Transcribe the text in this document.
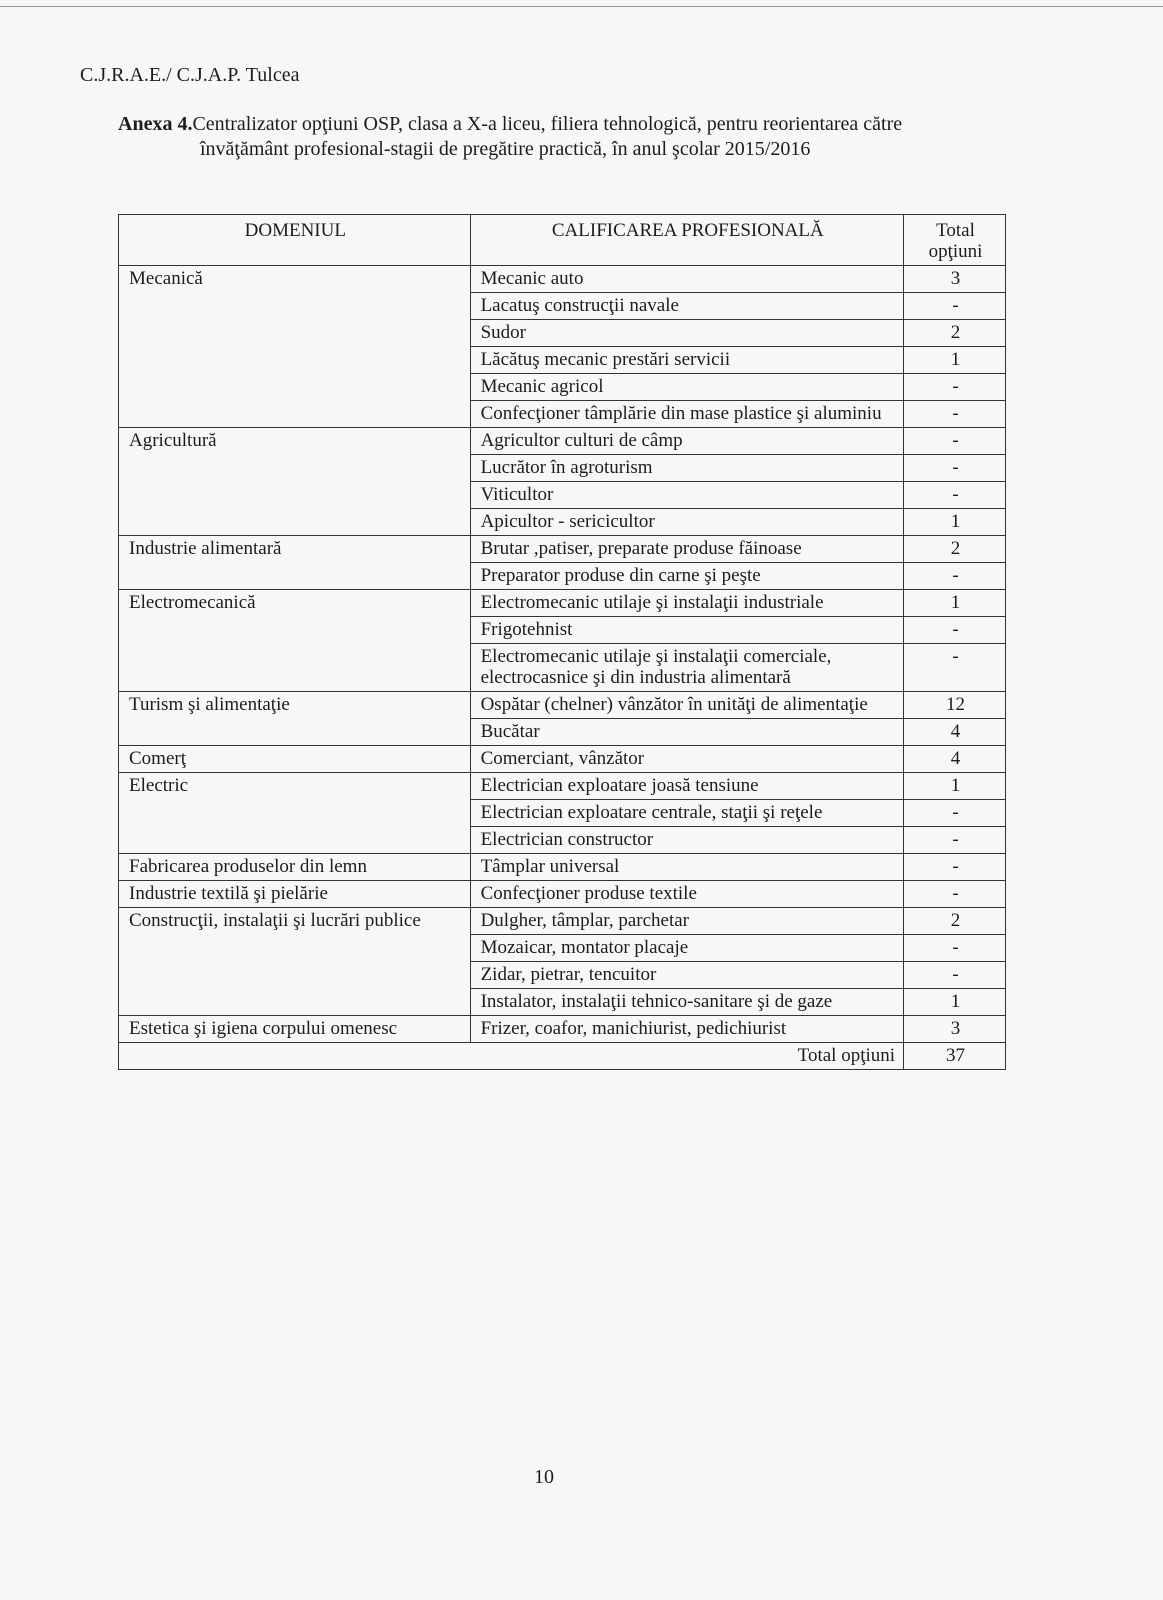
C.J.R.A.E./ C.J.A.P. Tulcea
Anexa 4.Centralizator opţiuni OSP, clasa a X-a liceu, filiera tehnologică, pentru reorientarea către
învăţământ profesional-stagii de pregătire practică, în anul şcolar 2015/2016
DOMENIUL	CALIFICAREA PROFESIONALĂ	Total opţiuni
Mecanică	Mecanic auto	3
	Lacatuş construcţii navale	-
	Sudor	2
	Lăcătuş mecanic prestări servicii	1
	Mecanic agricol	-
	Confecţioner tâmplărie din mase plastice şi aluminiu	-
Agricultură	Agricultor culturi de câmp	-
	Lucrător în agroturism	-
	Viticultor	-
	Apicultor - sericicultor	1
Industrie alimentară	Brutar ,patiser, preparate produse făinoase	2
	Preparator produse din carne şi peşte	-
Electromecanică	Electromecanic utilaje şi instalaţii industriale	1
	Frigotehnist	-
	Electromecanic utilaje şi instalaţii comerciale, electrocasnice şi din industria alimentară	-
Turism şi alimentaţie	Ospătar (chelner) vânzător în unităţi de alimentaţie	12
	Bucătar	4
Comerţ	Comerciant, vânzător	4
Electric	Electrician exploatare joasă tensiune	1
	Electrician exploatare centrale, staţii şi reţele	-
	Electrician constructor	-
Fabricarea produselor din lemn	Tâmplar universal	-
Industrie textilă şi pielărie	Confecţioner produse textile	-
Construcţii, instalaţii şi lucrări publice	Dulgher, tâmplar, parchetar	2
	Mozaicar, montator placaje	-
	Zidar, pietrar, tencuitor	-
	Instalator, instalaţii tehnico-sanitare şi de gaze	1
Estetica şi igiena corpului omenesc	Frizer, coafor, manichiurist, pedichiurist	3
Total opţiuni		37
10
